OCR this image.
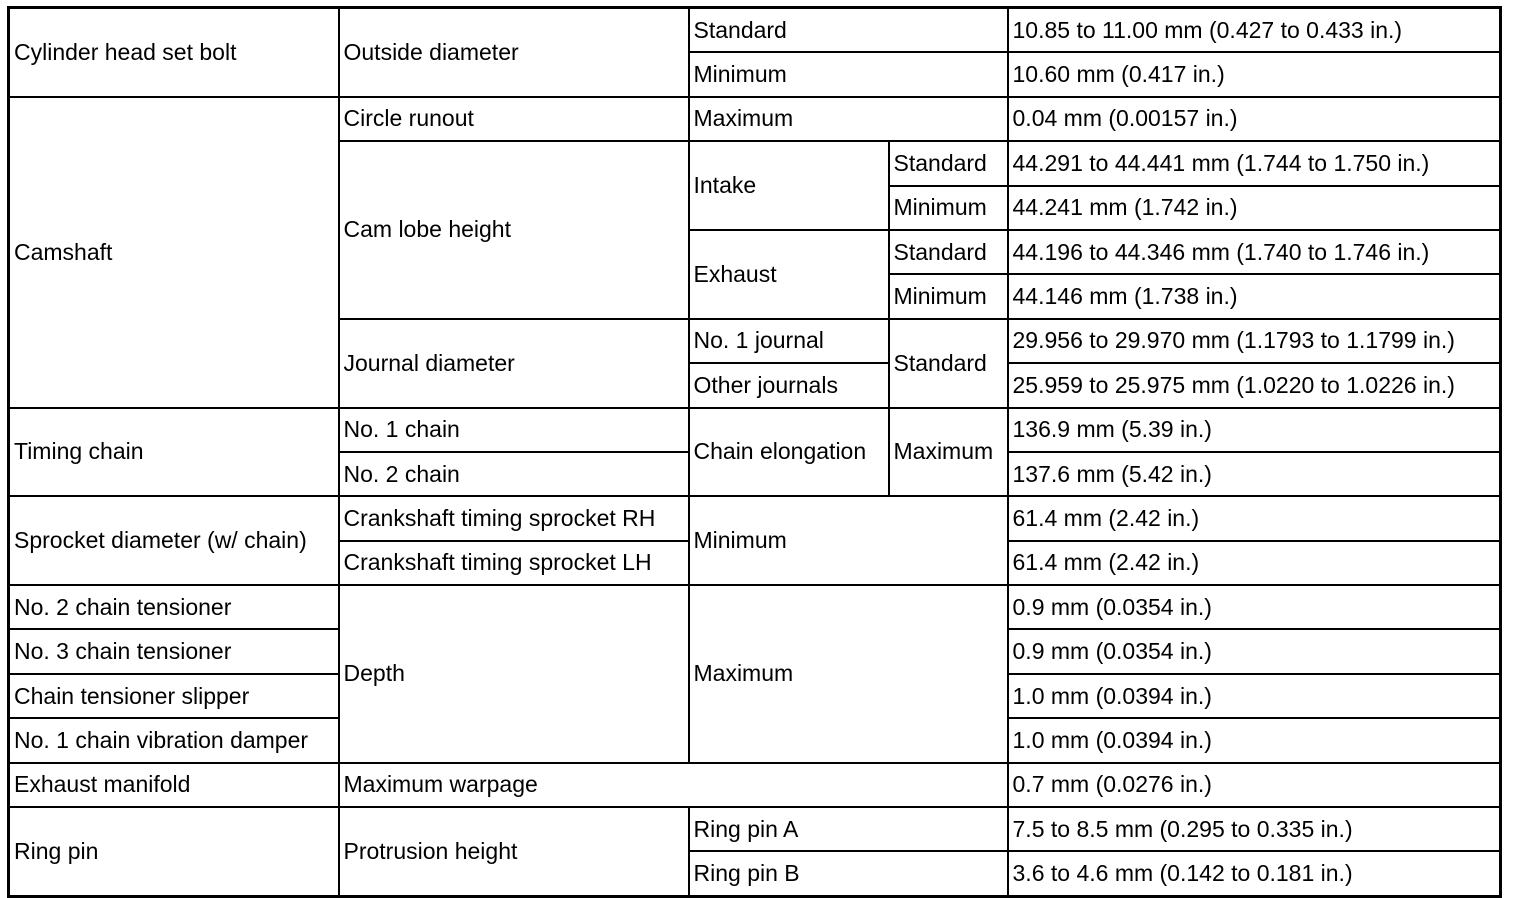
Cylinder head set bolt	Outside diameter	Standard		10.85 to 11.00 mm (0.427 to 0.433 in.)
		Minimum		10.60 mm (0.417 in.)
Camshaft	Circle runout	Maximum		0.04 mm (0.00157 in.)
	Cam lobe height	Intake	Standard	44.291 to 44.441 mm (1.744 to 1.750 in.)
			Minimum	44.241 mm (1.742 in.)
		Exhaust	Standard	44.196 to 44.346 mm (1.740 to 1.746 in.)
			Minimum	44.146 mm (1.738 in.)
	Journal diameter	No. 1 journal	Standard	29.956 to 29.970 mm (1.1793 to 1.1799 in.)
		Other journals		25.959 to 25.975 mm (1.0220 to 1.0226 in.)
Timing chain	No. 1 chain	Chain elongation	Maximum	136.9 mm (5.39 in.)
	No. 2 chain			137.6 mm (5.42 in.)
Sprocket diameter (w/ chain)	Crankshaft timing sprocket RH	Minimum		61.4 mm (2.42 in.)
	Crankshaft timing sprocket LH			61.4 mm (2.42 in.)
No. 2 chain tensioner	Depth	Maximum		0.9 mm (0.0354 in.)
No. 3 chain tensioner				0.9 mm (0.0354 in.)
Chain tensioner slipper				1.0 mm (0.0394 in.)
No. 1 chain vibration damper				1.0 mm (0.0394 in.)
Exhaust manifold	Maximum warpage			0.7 mm (0.0276 in.)
Ring pin	Protrusion height	Ring pin A		7.5 to 8.5 mm (0.295 to 0.335 in.)
		Ring pin B		3.6 to 4.6 mm (0.142 to 0.181 in.)
